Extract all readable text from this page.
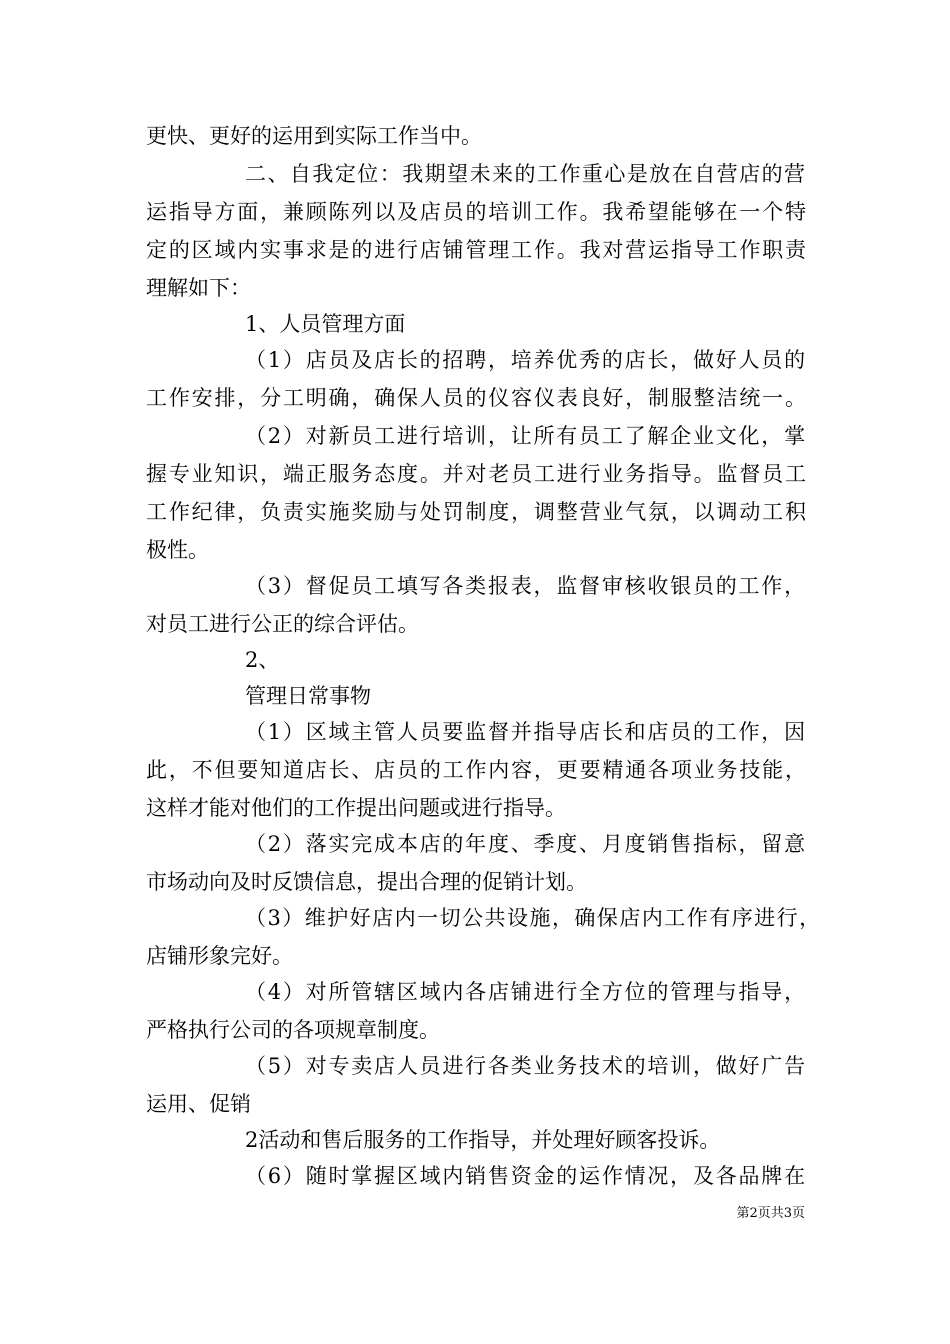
更快、更好的运用到实际工作当中。
二、自我定位：我期望未来的工作重心是放在自营店的营
运指导方面，兼顾陈列以及店员的培训工作。我希望能够在一个特
定的区域内实事求是的进行店铺管理工作。我对营运指导工作职责
理解如下：
1、人员管理方面
（1）店员及店长的招聘，培养优秀的店长，做好人员的
工作安排，分工明确，确保人员的仪容仪表良好，制服整洁统一。
（2）对新员工进行培训，让所有员工了解企业文化，掌
握专业知识，端正服务态度。并对老员工进行业务指导。监督员工
工作纪律，负责实施奖励与处罚制度，调整营业气氛，以调动工积
极性。
（3）督促员工填写各类报表，监督审核收银员的工作，
对员工进行公正的综合评估。
2、
管理日常事物
（1）区域主管人员要监督并指导店长和店员的工作，因
此，不但要知道店长、店员的工作内容，更要精通各项业务技能，
这样才能对他们的工作提出问题或进行指导。
（2）落实完成本店的年度、季度、月度销售指标，留意
市场动向及时反馈信息，提出合理的促销计划。
（3）维护好店内一切公共设施，确保店内工作有序进行，
店铺形象完好。
（4）对所管辖区域内各店铺进行全方位的管理与指导，
严格执行公司的各项规章制度。
（5）对专卖店人员进行各类业务技术的培训，做好广告
运用、促销
2活动和售后服务的工作指导，并处理好顾客投诉。
（6）随时掌握区域内销售资金的运作情况，及各品牌在
第2页共3页
